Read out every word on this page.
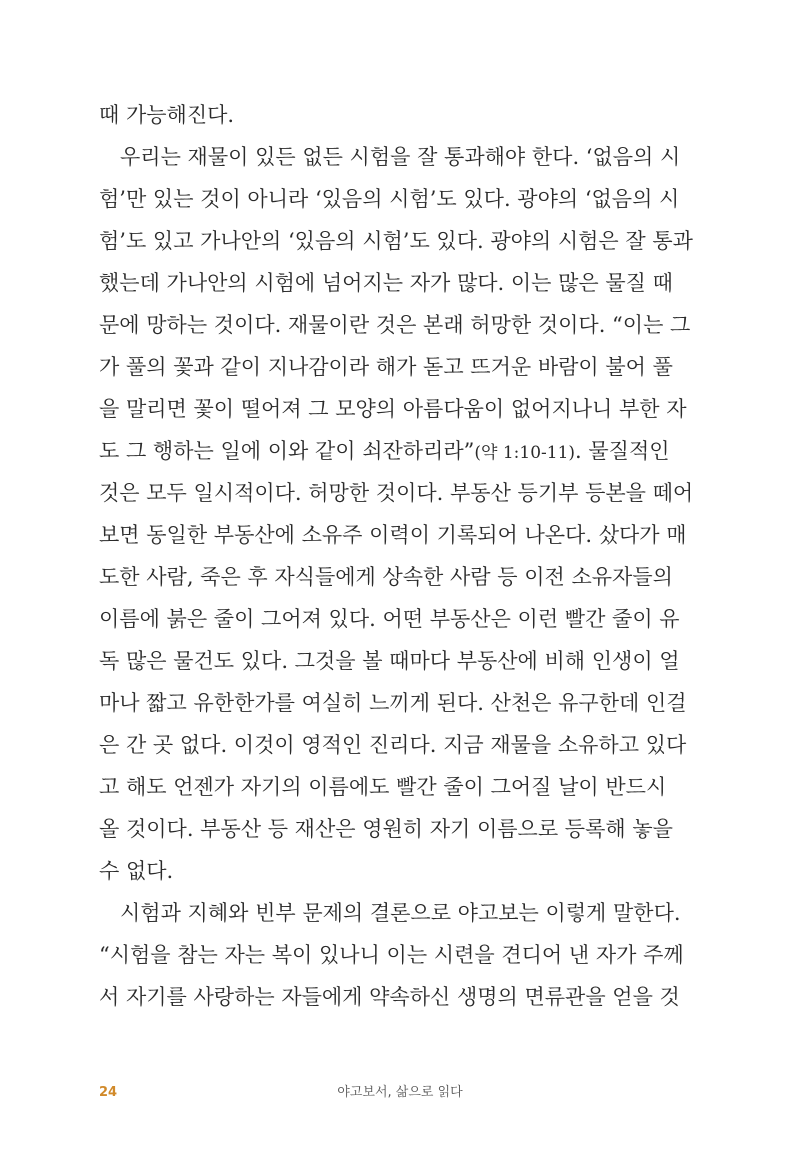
때 가능해진다.
우리는 재물이 있든 없든 시험을 잘 통과해야 한다. ‘없음의 시
험’만 있는 것이 아니라 ‘있음의 시험’도 있다. 광야의 ‘없음의 시
험’도 있고 가나안의 ‘있음의 시험’도 있다. 광야의 시험은 잘 통과
했는데 가나안의 시험에 넘어지는 자가 많다. 이는 많은 물질 때
문에 망하는 것이다. 재물이란 것은 본래 허망한 것이다. “이는 그
가 풀의 꽃과 같이 지나감이라 해가 돋고 뜨거운 바람이 불어 풀
을 말리면 꽃이 떨어져 그 모양의 아름다움이 없어지나니 부한 자
도 그 행하는 일에 이와 같이 쇠잔하리라”(약 1:10-11). 물질적인
것은 모두 일시적이다. 허망한 것이다. 부동산 등기부 등본을 떼어
보면 동일한 부동산에 소유주 이력이 기록되어 나온다. 샀다가 매
도한 사람, 죽은 후 자식들에게 상속한 사람 등 이전 소유자들의
이름에 붉은 줄이 그어져 있다. 어떤 부동산은 이런 빨간 줄이 유
독 많은 물건도 있다. 그것을 볼 때마다 부동산에 비해 인생이 얼
마나 짧고 유한한가를 여실히 느끼게 된다. 산천은 유구한데 인걸
은 간 곳 없다. 이것이 영적인 진리다. 지금 재물을 소유하고 있다
고 해도 언젠가 자기의 이름에도 빨간 줄이 그어질 날이 반드시
올 것이다. 부동산 등 재산은 영원히 자기 이름으로 등록해 놓을
수 없다.
시험과 지혜와 빈부 문제의 결론으로 야고보는 이렇게 말한다.
“시험을 참는 자는 복이 있나니 이는 시련을 견디어 낸 자가 주께
서 자기를 사랑하는 자들에게 약속하신 생명의 면류관을 얻을 것
24	야고보서, 삶으로 읽다
